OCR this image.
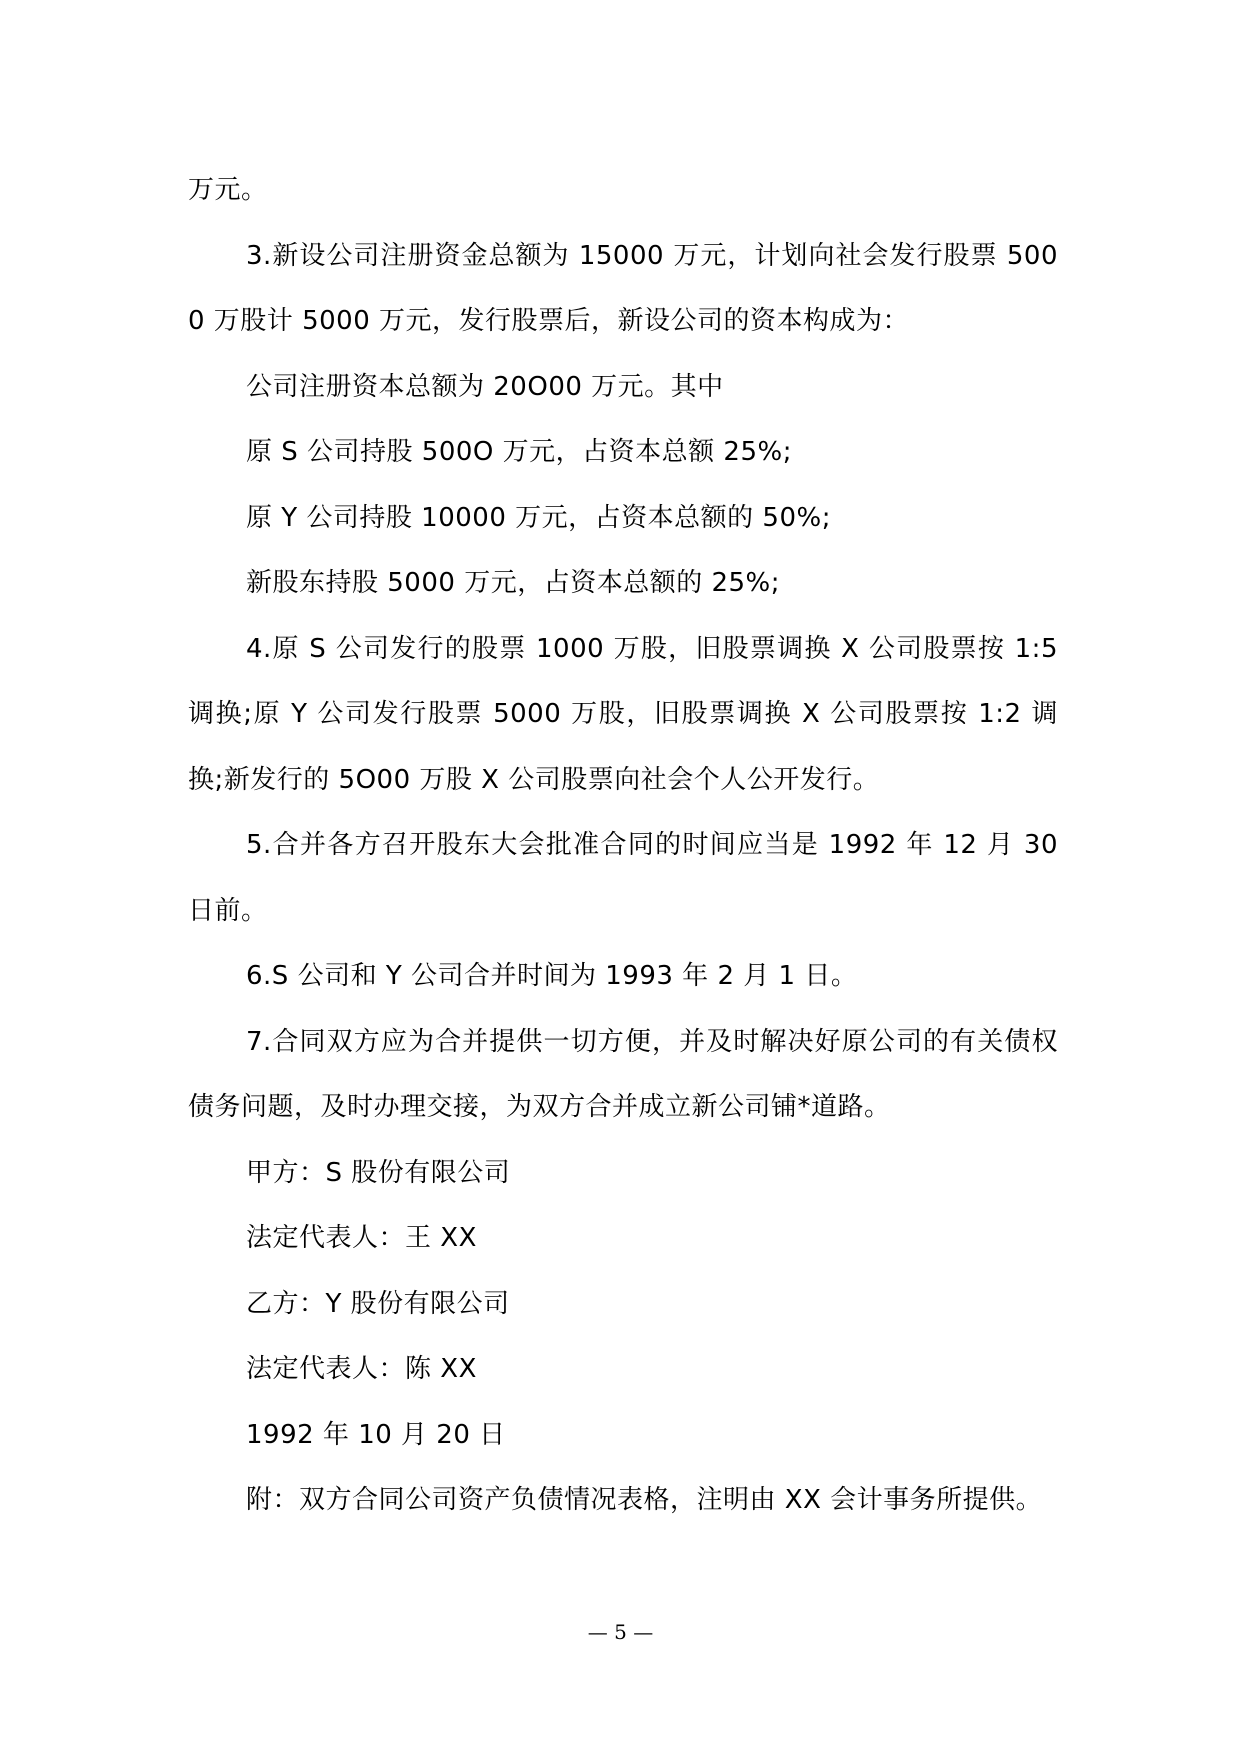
万元。

3.新设公司注册资金总额为 15000 万元，计划向社会发行股票 5000 万股计 5000 万元，发行股票后，新设公司的资本构成为：

公司注册资本总额为 20O00 万元。其中

原 S 公司持股 500O 万元，占资本总额 25%;

原 Y 公司持股 10000 万元，占资本总额的 50%;

新股东持股 5000 万元，占资本总额的 25%;

4.原 S 公司发行的股票 1000 万股，旧股票调换 X 公司股票按 1:5 调换;原 Y 公司发行股票 5000 万股，旧股票调换 X 公司股票按 1:2 调换;新发行的 5O00 万股 X 公司股票向社会个人公开发行。

5.合并各方召开股东大会批准合同的时间应当是 1992 年 12 月 30 日前。

6.S 公司和 Y 公司合并时间为 1993 年 2 月 1 日。

7.合同双方应为合并提供一切方便，并及时解决好原公司的有关债权债务问题，及时办理交接，为双方合并成立新公司铺*道路。

甲方：S 股份有限公司

法定代表人：王 XX

乙方：Y 股份有限公司

法定代表人：陈 XX

1992 年 10 月 20 日

附：双方合同公司资产负债情况表格，注明由 XX 会计事务所提供。

— 5 —
